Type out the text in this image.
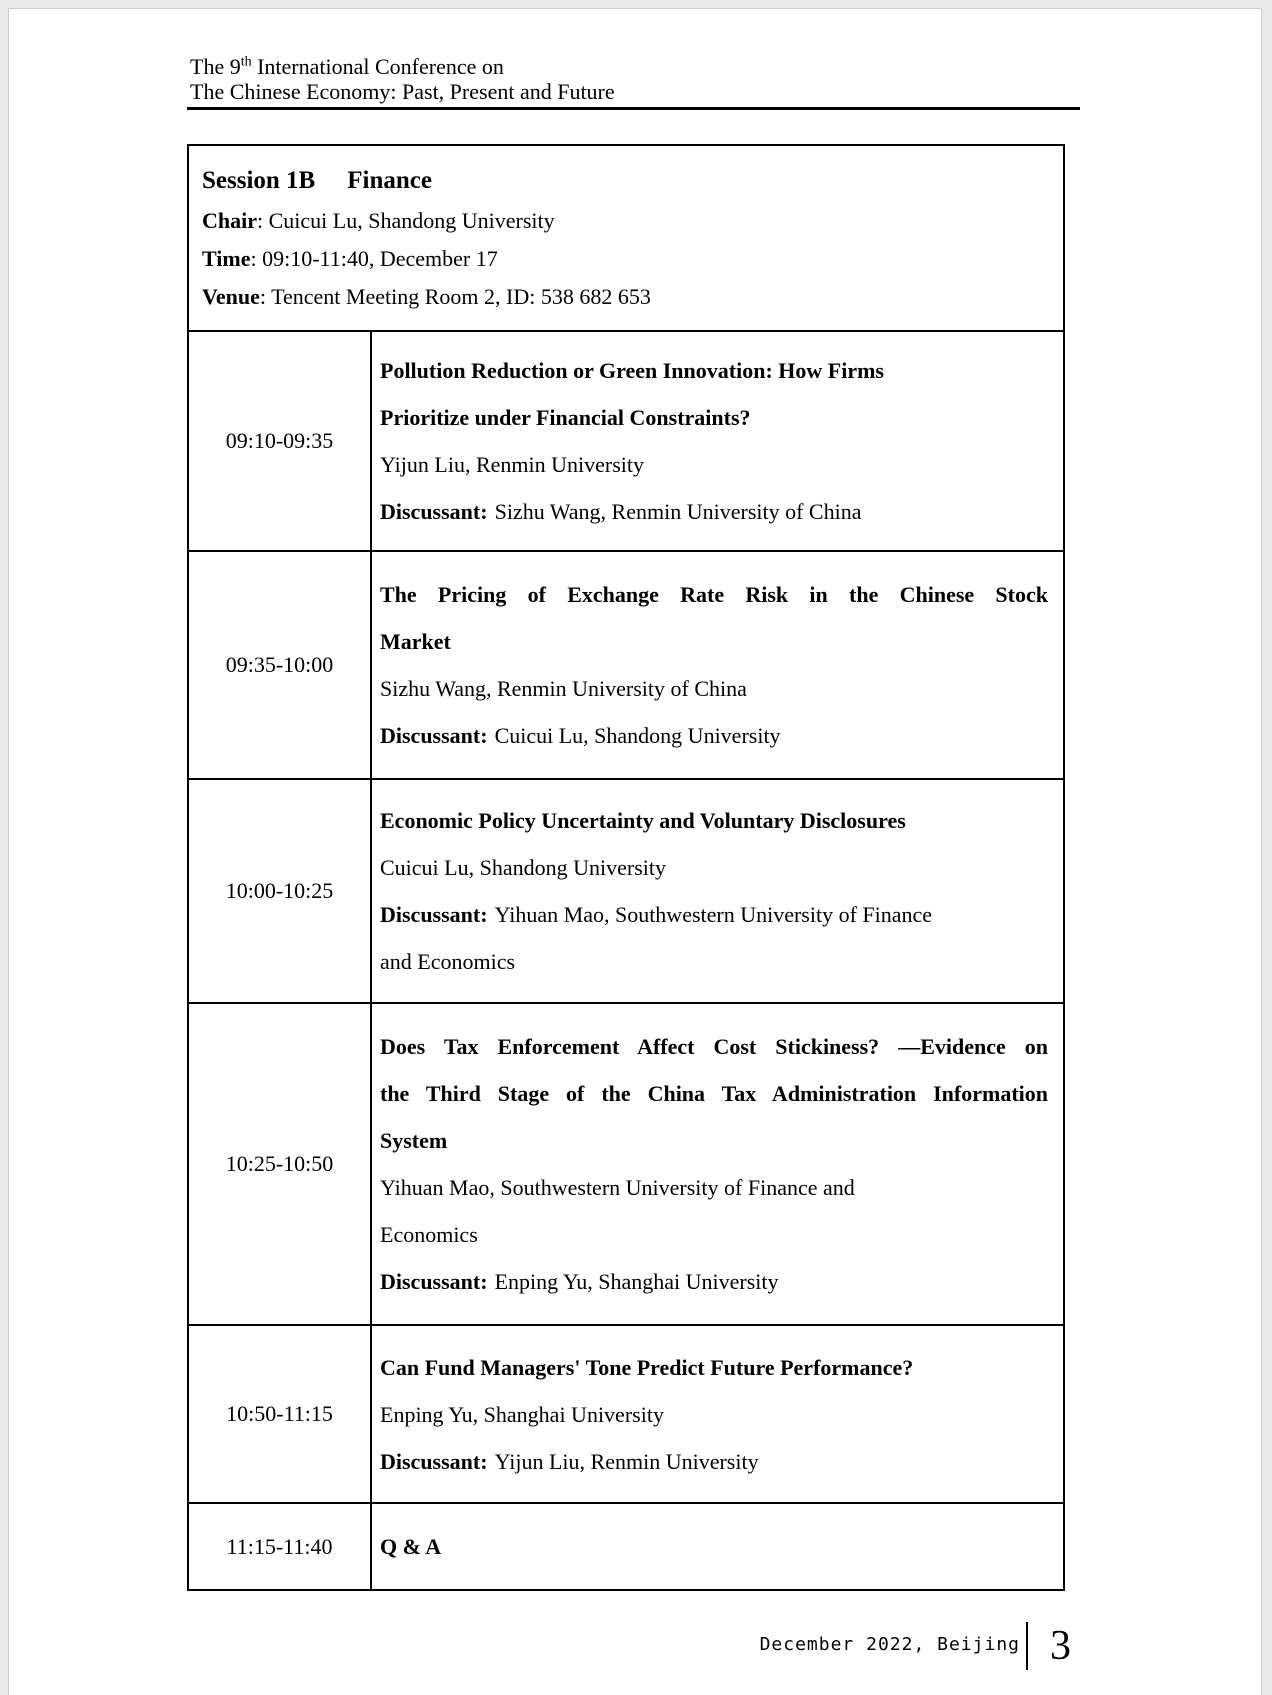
The 9th International Conference on
The Chinese Economy: Past, Present and Future
Session 1B Finance
Chair: Cuicui Lu, Shandong University
Time: 09:10-11:40, December 17
Venue: Tencent Meeting Room 2, ID: 538 682 653
09:10-09:35
Pollution Reduction or Green Innovation: How Firms
Prioritize under Financial Constraints?
Yijun Liu, Renmin University
Discussant: Sizhu Wang, Renmin University of China
09:35-10:00
The Pricing of Exchange Rate Risk in the Chinese Stock
Market
Sizhu Wang, Renmin University of China
Discussant: Cuicui Lu, Shandong University
10:00-10:25
Economic Policy Uncertainty and Voluntary Disclosures
Cuicui Lu, Shandong University
Discussant: Yihuan Mao, Southwestern University of Finance
and Economics
10:25-10:50
Does Tax Enforcement Affect Cost Stickiness? —Evidence on
the Third Stage of the China Tax Administration Information
System
Yihuan Mao, Southwestern University of Finance and
Economics
Discussant: Enping Yu, Shanghai University
10:50-11:15
Can Fund Managers' Tone Predict Future Performance?
Enping Yu, Shanghai University
Discussant: Yijun Liu, Renmin University
11:15-11:40	Q & A
December 2022, Beijing 3
